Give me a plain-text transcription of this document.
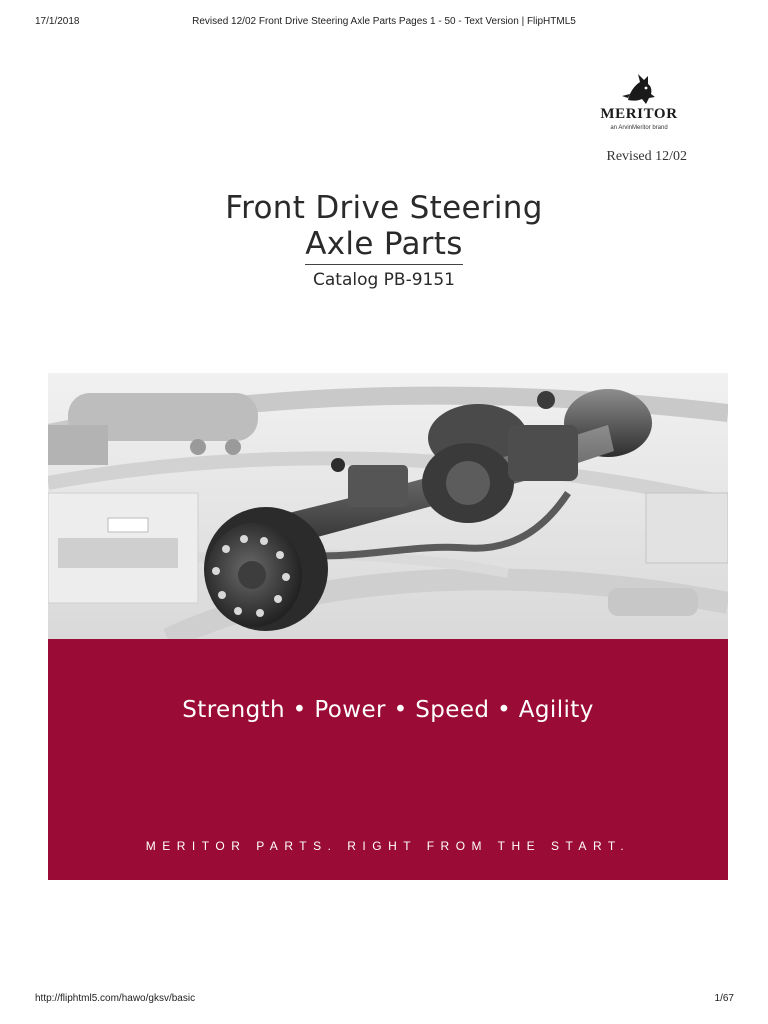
17/1/2018	Revised 12/02 Front Drive Steering Axle Parts Pages 1 - 50 - Text Version | FlipHTML5
MERITOR
an ArvinMeritor brand
Revised 12/02
Front Drive Steering
Axle Parts
Catalog PB-9151
Strength • Power • Speed • Agility
MERITOR PARTS. RIGHT FROM THE START.
http://fliphtml5.com/hawo/gksv/basic	1/67
